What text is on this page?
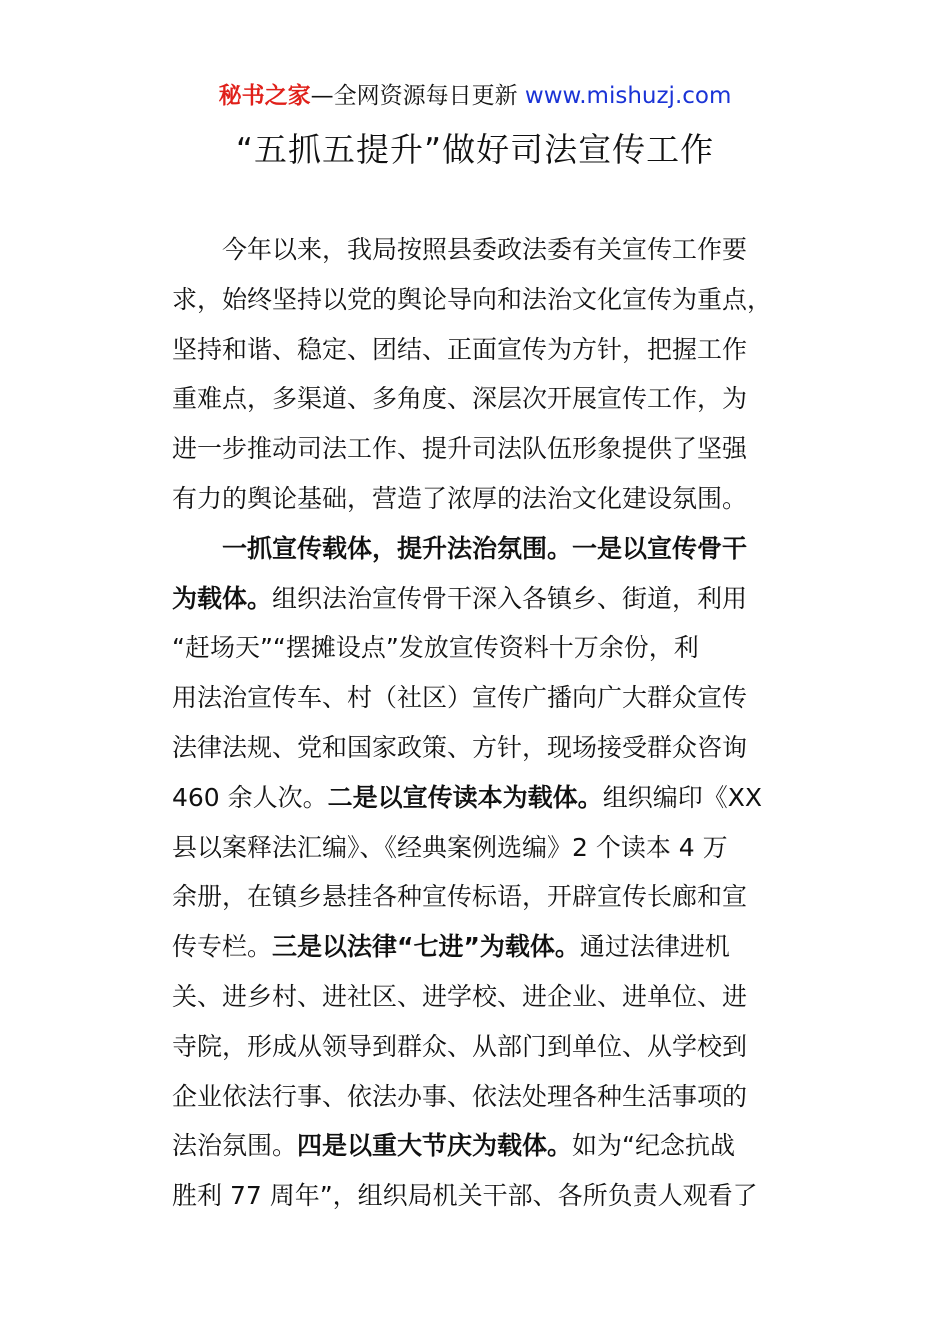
秘书之家—全网资源每日更新 www.mishuzj.com
“五抓五提升”做好司法宣传工作
　　今年以来，我局按照县委政法委有关宣传工作要
求，始终坚持以党的舆论导向和法治文化宣传为重点，
坚持和谐、稳定、团结、正面宣传为方针，把握工作
重难点，多渠道、多角度、深层次开展宣传工作，为
进一步推动司法工作、提升司法队伍形象提供了坚强
有力的舆论基础，营造了浓厚的法治文化建设氛围。
　　一抓宣传载体，提升法治氛围。一是以宣传骨干
为载体。组织法治宣传骨干深入各镇乡、街道，利用
“赶场天”“摆摊设点”发放宣传资料十万余份，利
用法治宣传车、村（社区）宣传广播向广大群众宣传
法律法规、党和国家政策、方针，现场接受群众咨询
460 余人次。二是以宣传读本为载体。组织编印《XX
县以案释法汇编》、《经典案例选编》2 个读本 4 万
余册，在镇乡悬挂各种宣传标语，开辟宣传长廊和宣
传专栏。三是以法律“七进”为载体。通过法律进机
关、进乡村、进社区、进学校、进企业、进单位、进
寺院，形成从领导到群众、从部门到单位、从学校到
企业依法行事、依法办事、依法处理各种生活事项的
法治氛围。四是以重大节庆为载体。如为“纪念抗战
胜利 77 周年”，组织局机关干部、各所负责人观看了
